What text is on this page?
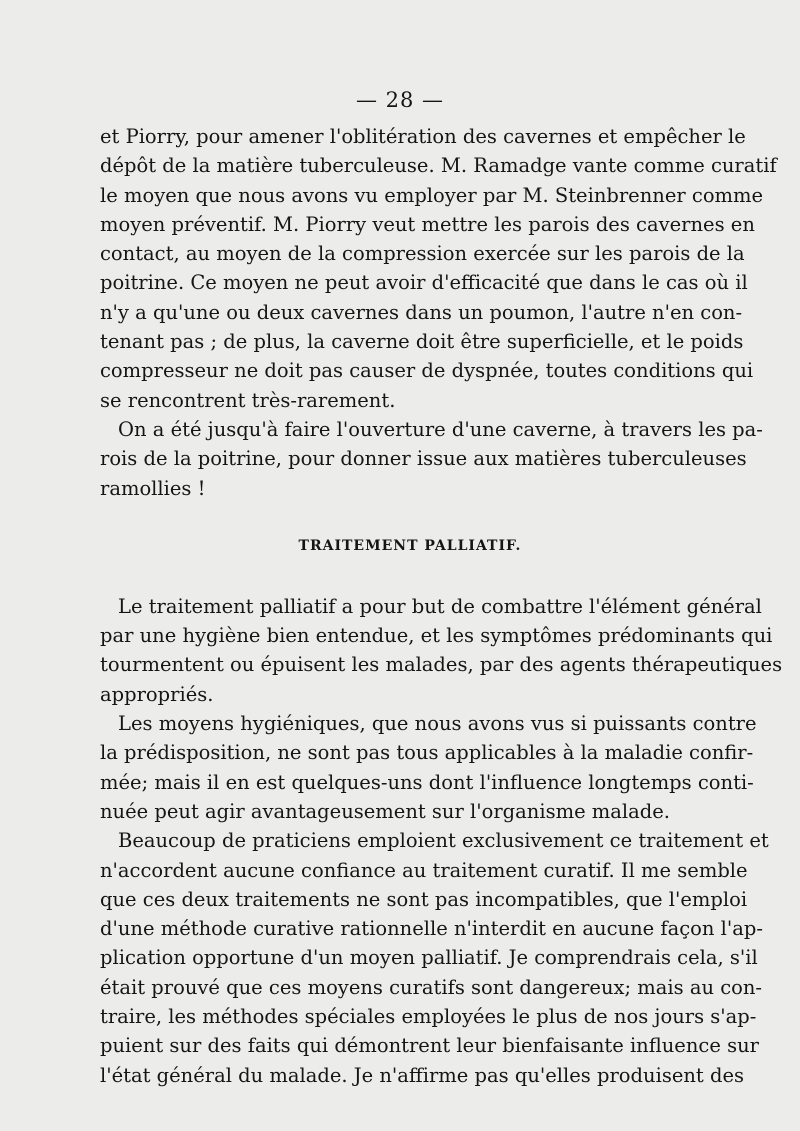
— 28 —
et Piorry, pour amener l'oblitération des cavernes et empêcher le
dépôt de la matière tuberculeuse. M. Ramadge vante comme curatif
le moyen que nous avons vu employer par M. Steinbrenner comme
moyen préventif. M. Piorry veut mettre les parois des cavernes en
contact, au moyen de la compression exercée sur les parois de la
poitrine. Ce moyen ne peut avoir d'efficacité que dans le cas où il
n'y a qu'une ou deux cavernes dans un poumon, l'autre n'en con-
tenant pas ; de plus, la caverne doit être superficielle, et le poids
compresseur ne doit pas causer de dyspnée, toutes conditions qui
se rencontrent très-rarement.
On a été jusqu'à faire l'ouverture d'une caverne, à travers les pa-
rois de la poitrine, pour donner issue aux matières tuberculeuses
ramollies !
TRAITEMENT PALLIATIF.
Le traitement palliatif a pour but de combattre l'élément général
par une hygiène bien entendue, et les symptômes prédominants qui
tourmentent ou épuisent les malades, par des agents thérapeutiques
appropriés.
Les moyens hygiéniques, que nous avons vus si puissants contre
la prédisposition, ne sont pas tous applicables à la maladie confir-
mée; mais il en est quelques-uns dont l'influence longtemps conti-
nuée peut agir avantageusement sur l'organisme malade.
Beaucoup de praticiens emploient exclusivement ce traitement et
n'accordent aucune confiance au traitement curatif. Il me semble
que ces deux traitements ne sont pas incompatibles, que l'emploi
d'une méthode curative rationnelle n'interdit en aucune façon l'ap-
plication opportune d'un moyen palliatif. Je comprendrais cela, s'il
était prouvé que ces moyens curatifs sont dangereux; mais au con-
traire, les méthodes spéciales employées le plus de nos jours s'ap-
puient sur des faits qui démontrent leur bienfaisante influence sur
l'état général du malade. Je n'affirme pas qu'elles produisent des
